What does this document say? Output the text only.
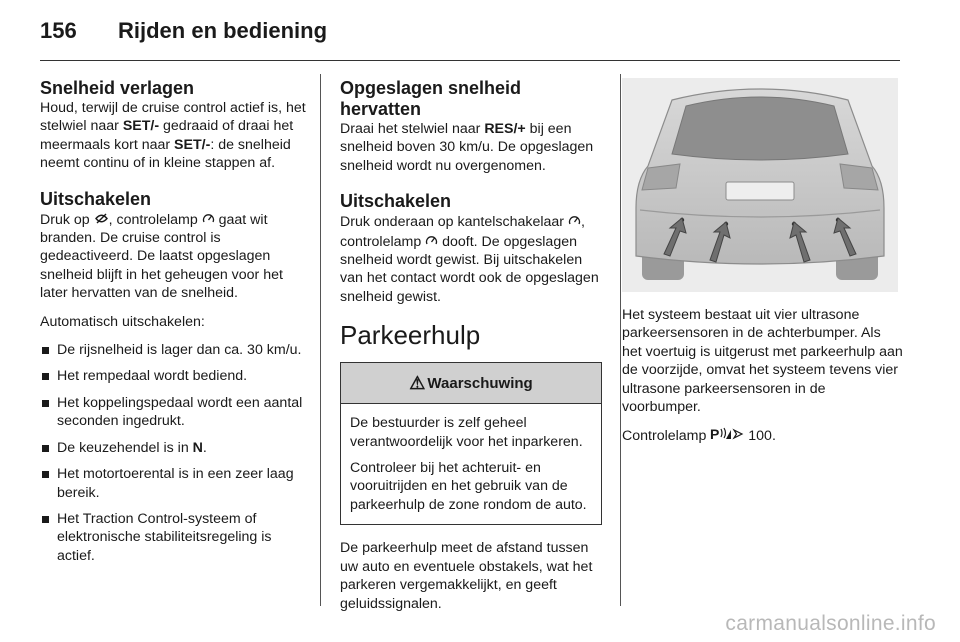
156 Rijden en bediening
Snelheid verlagen

Houd, terwijl de cruise control actief is, het stelwiel naar SET/- gedraaid of draai het meermaals kort naar SET/-: de snelheid neemt continu of in kleine stappen af.

Uitschakelen

Druk op , controlelamp  gaat wit branden. De cruise control is gedeactiveerd. De laatst opgeslagen snelheid blijft in het geheugen voor het later hervatten van de snelheid.

Automatisch uitschakelen:

De rijsnelheid is lager dan ca. 30 km/u.
Het rempedaal wordt bediend.
Het koppelingspedaal wordt een aantal seconden ingedrukt.
De keuzehendel is in N.
Het motortoerental is in een zeer laag bereik.
Het Traction Control-systeem of elektronische stabiliteitsregeling is actief.
Opgeslagen snelheid hervatten

Draai het stelwiel naar RES/+ bij een snelheid boven 30 km/u. De opgeslagen snelheid wordt nu overgenomen.

Uitschakelen

Druk onderaan op kantelschakelaar , controlelamp  dooft. De opgeslagen snelheid wordt gewist. Bij uitschakelen van het contact wordt ook de opgeslagen snelheid gewist.

Parkeerhulp
⚠ Waarschuwing

De bestuurder is zelf geheel verantwoordelijk voor het inparkeren.

Controleer bij het achteruit- en vooruitrijden en het gebruik van de parkeerhulp de zone rondom de auto.

De parkeerhulp meet de afstand tussen uw auto en eventuele obstakels, wat het parkeren vergemakkelijkt, en geeft geluidssignalen.

Het systeem bestaat uit vier ultrasone parkeersensoren in de achterbumper. Als het voertuig is uitgerust met parkeerhulp aan de voorzijde, omvat het systeem tevens vier ultrasone parkeersensoren in de voorbumper.

Controlelamp P 100.

carmanualsonline.info
